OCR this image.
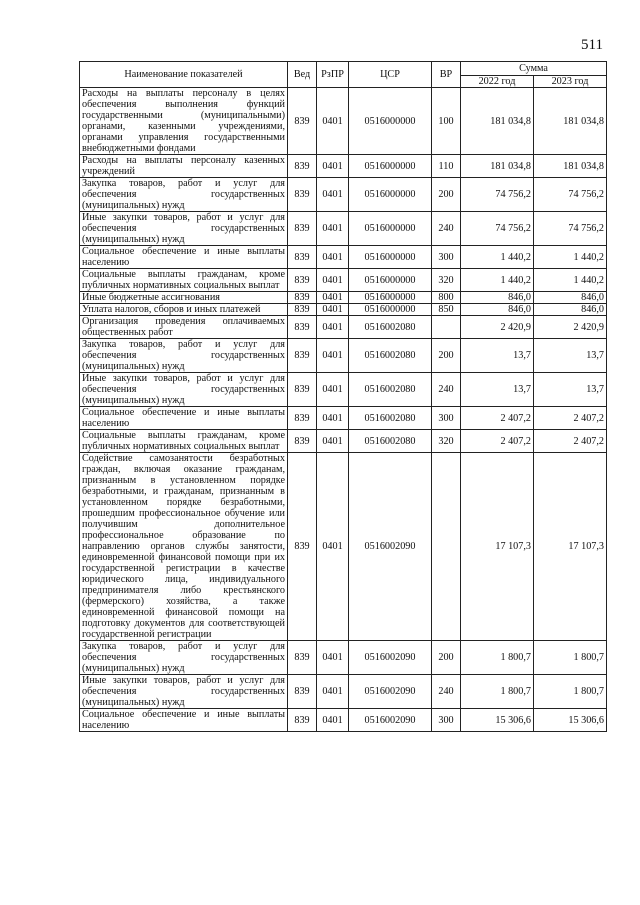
511
Наименование показателей	Вед	РзПР	ЦСР	ВР	Сумма	
					2022 год	2023 год
Расходы на выплаты персоналу в целях обеспечения выполнения функций государственными (муниципальными) органами, казенными учреждениями, органами управления государственными внебюджетными фондами	839	0401	0516000000	100	181 034,8	181 034,8
Расходы на выплаты персоналу казенных учреждений	839	0401	0516000000	110	181 034,8	181 034,8
Закупка товаров, работ и услуг для обеспечения государственных (муниципальных) нужд	839	0401	0516000000	200	74 756,2	74 756,2
Иные закупки товаров, работ и услуг для обеспечения государственных (муниципальных) нужд	839	0401	0516000000	240	74 756,2	74 756,2
Социальное обеспечение и иные выплаты населению	839	0401	0516000000	300	1 440,2	1 440,2
Социальные выплаты гражданам, кроме публичных нормативных социальных выплат	839	0401	0516000000	320	1 440,2	1 440,2
Иные бюджетные ассигнования	839	0401	0516000000	800	846,0	846,0
Уплата налогов, сборов и иных платежей	839	0401	0516000000	850	846,0	846,0
Организация проведения оплачиваемых общественных работ	839	0401	0516002080		2 420,9	2 420,9
Закупка товаров, работ и услуг для обеспечения государственных (муниципальных) нужд	839	0401	0516002080	200	13,7	13,7
Иные закупки товаров, работ и услуг для обеспечения государственных (муниципальных) нужд	839	0401	0516002080	240	13,7	13,7
Социальное обеспечение и иные выплаты населению	839	0401	0516002080	300	2 407,2	2 407,2
Социальные выплаты гражданам, кроме публичных нормативных социальных выплат	839	0401	0516002080	320	2 407,2	2 407,2
Содействие самозанятости безработных граждан, включая оказание гражданам, признанным в установленном порядке безработными, и гражданам, признанным в установленном порядке безработными, прошедшим профессиональное обучение или получившим дополнительное профессиональное образование по направлению органов службы занятости, единовременной финансовой помощи при их государственной регистрации в качестве юридического лица, индивидуального предпринимателя либо крестьянского (фермерского) хозяйства, а также единовременной финансовой помощи на подготовку документов для соответствующей государственной регистрации	839	0401	0516002090		17 107,3	17 107,3
Закупка товаров, работ и услуг для обеспечения государственных (муниципальных) нужд	839	0401	0516002090	200	1 800,7	1 800,7
Иные закупки товаров, работ и услуг для обеспечения государственных (муниципальных) нужд	839	0401	0516002090	240	1 800,7	1 800,7
Социальное обеспечение и иные выплаты населению	839	0401	0516002090	300	15 306,6	15 306,6
